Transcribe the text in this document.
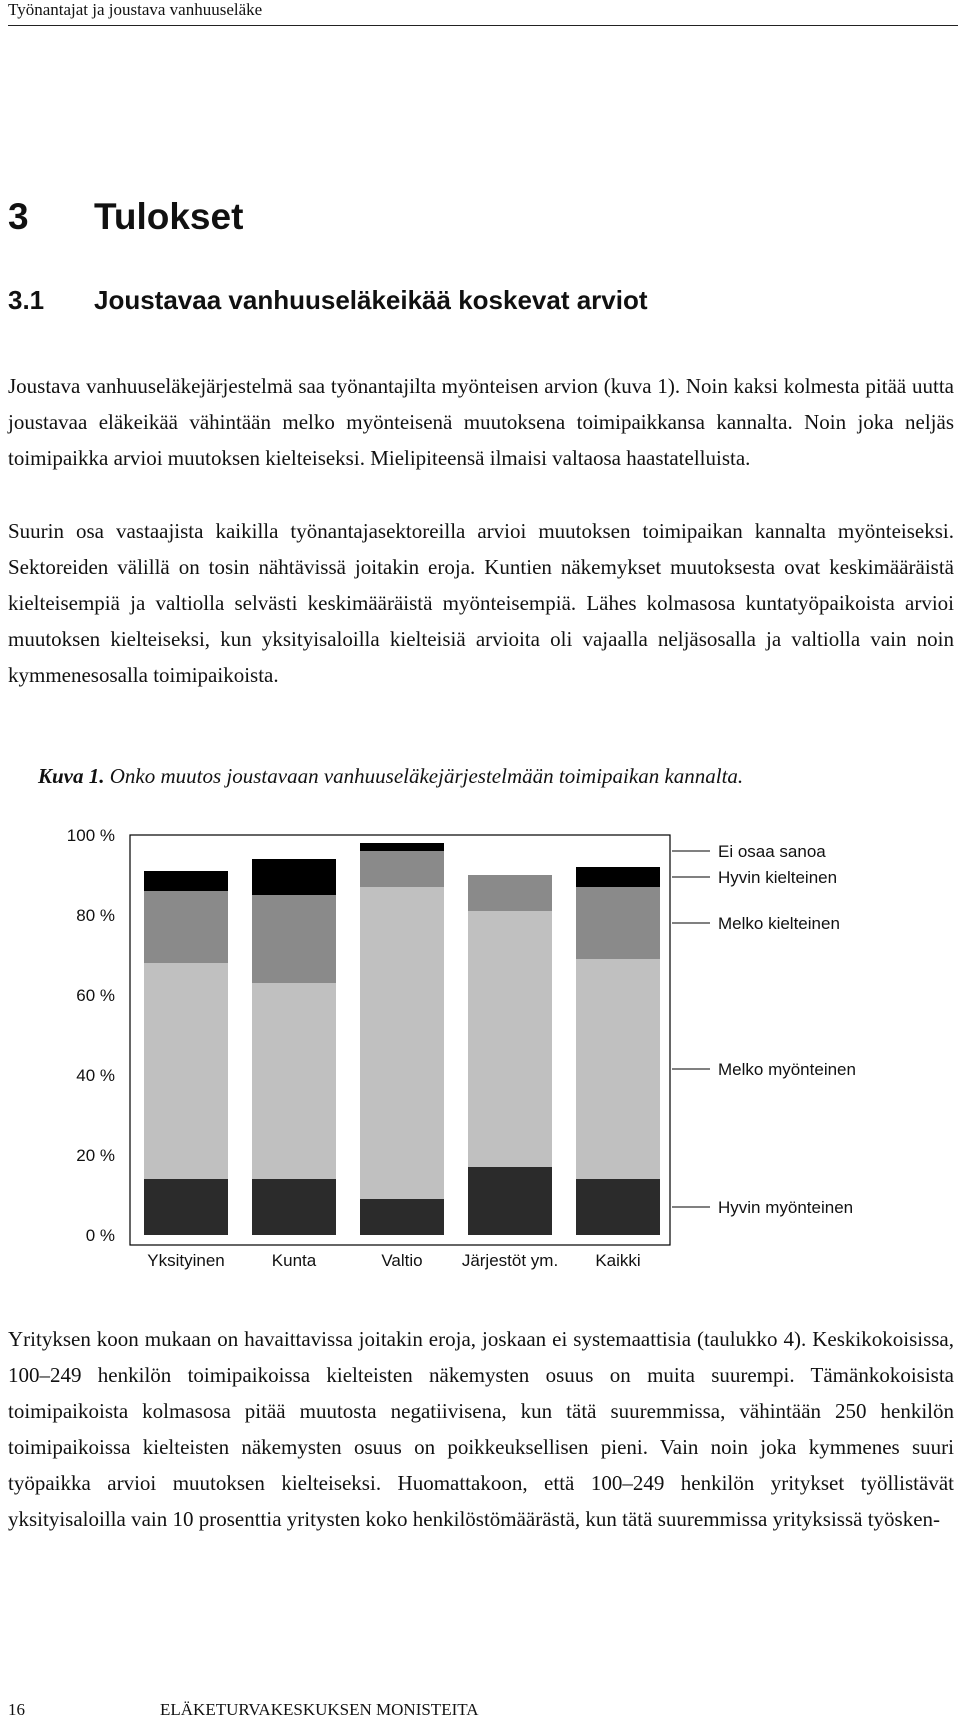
Työnantajat ja joustava vanhuuseläke
3 Tulokset
3.1 Joustavaa vanhuuseläkeikää koskevat arviot

Joustava vanhuuseläkejärjestelmä saa työnantajilta myönteisen arvion (kuva 1). Noin kaksi kolmesta pitää uutta joustavaa eläkeikää vähintään melko myönteisenä muutoksena toimipaikkansa kannalta. Noin joka neljäs toimipaikka arvioi muutoksen kielteiseksi. Mielipiteensä ilmaisi valtaosa haastatelluista.

Suurin osa vastaajista kaikilla työnantajasektoreilla arvioi muutoksen toimipaikan kannalta myönteiseksi. Sektoreiden välillä on tosin nähtävissä joitakin eroja. Kuntien näkemykset muutoksesta ovat keskimääräistä kielteisempiä ja valtiolla selvästi keskimääräistä myönteisempiä. Lähes kolmasosa kuntatyöpaikoista arvioi muutoksen kielteiseksi, kun yksityisaloilla kielteisiä arvioita oli vajaalla neljäsosalla ja valtiolla vain noin kymmenesosalla toimipaikoista.

Kuva 1. Onko muutos joustavaan vanhuuseläkejärjestelmään toimipaikan kannalta.

100 %
80 %
60 %
40 %
20 %
0 %
Yksityinen	Kunta	Valtio Järjestöt ym. Kaikki
Hyvin myönteinen
Melko myönteinen
Melko kielteinen
Hyvin kielteinen
Ei osaa sanoa

Yrityksen koon mukaan on havaittavissa joitakin eroja, joskaan ei systemaattisia (taulukko 4). Keskikokoisissa, 100–249 henkilön toimipaikoissa kielteisten näkemysten osuus on muita suurempi. Tämänkokoisista toimipaikoista kolmasosa pitää muutosta negatiivisena, kun tätä suuremmissa, vähintään 250 henkilön toimipaikoissa kielteisten näkemysten osuus on poikkeuksellisen pieni. Vain noin joka kymmenes suuri työpaikka arvioi muutoksen kielteiseksi. Huomattakoon, että 100–249 henkilön yritykset työllistävät yksityisaloilla vain 10 prosenttia yritysten koko henkilöstömäärästä, kun tätä suuremmissa yrityksissä työsken-

16	ELÄKETURVAKESKUKSEN MONISTEITA
